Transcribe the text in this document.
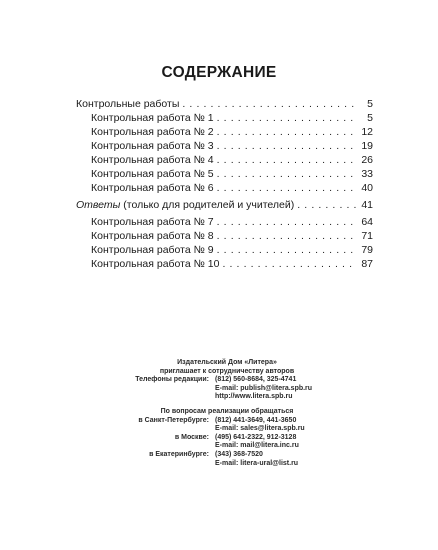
СОДЕРЖАНИЕ
Контрольные работы . . .	5
Контрольная работа № 1 . . .	5
Контрольная работа № 2 . . .	12
Контрольная работа № 3 . . .	19
Контрольная работа № 4 . . .	26
Контрольная работа № 5 . . .	33
Контрольная работа № 6 . . .	40
Ответы (только для родителей и учителей) . . .	41
Контрольная работа № 7 . . .	64
Контрольная работа № 8 . . .	71
Контрольная работа № 9 . . .	79
Контрольная работа № 10 . . .	87
Издательский Дом «Литера»
приглашает к сотрудничеству авторов
Телефоны редакции: (812) 560-8684, 325-4741
E-mail: publish@litera.spb.ru
http://www.litera.spb.ru
По вопросам реализации обращаться
в Санкт-Петербурге: (812) 441-3649, 441-3650
E-mail: sales@litera.spb.ru
в Москве: (495) 641-2322, 912-3128
E-mail: mail@litera.inc.ru
в Екатеринбурге: (343) 368-7520
E-mail: litera-ural@list.ru
